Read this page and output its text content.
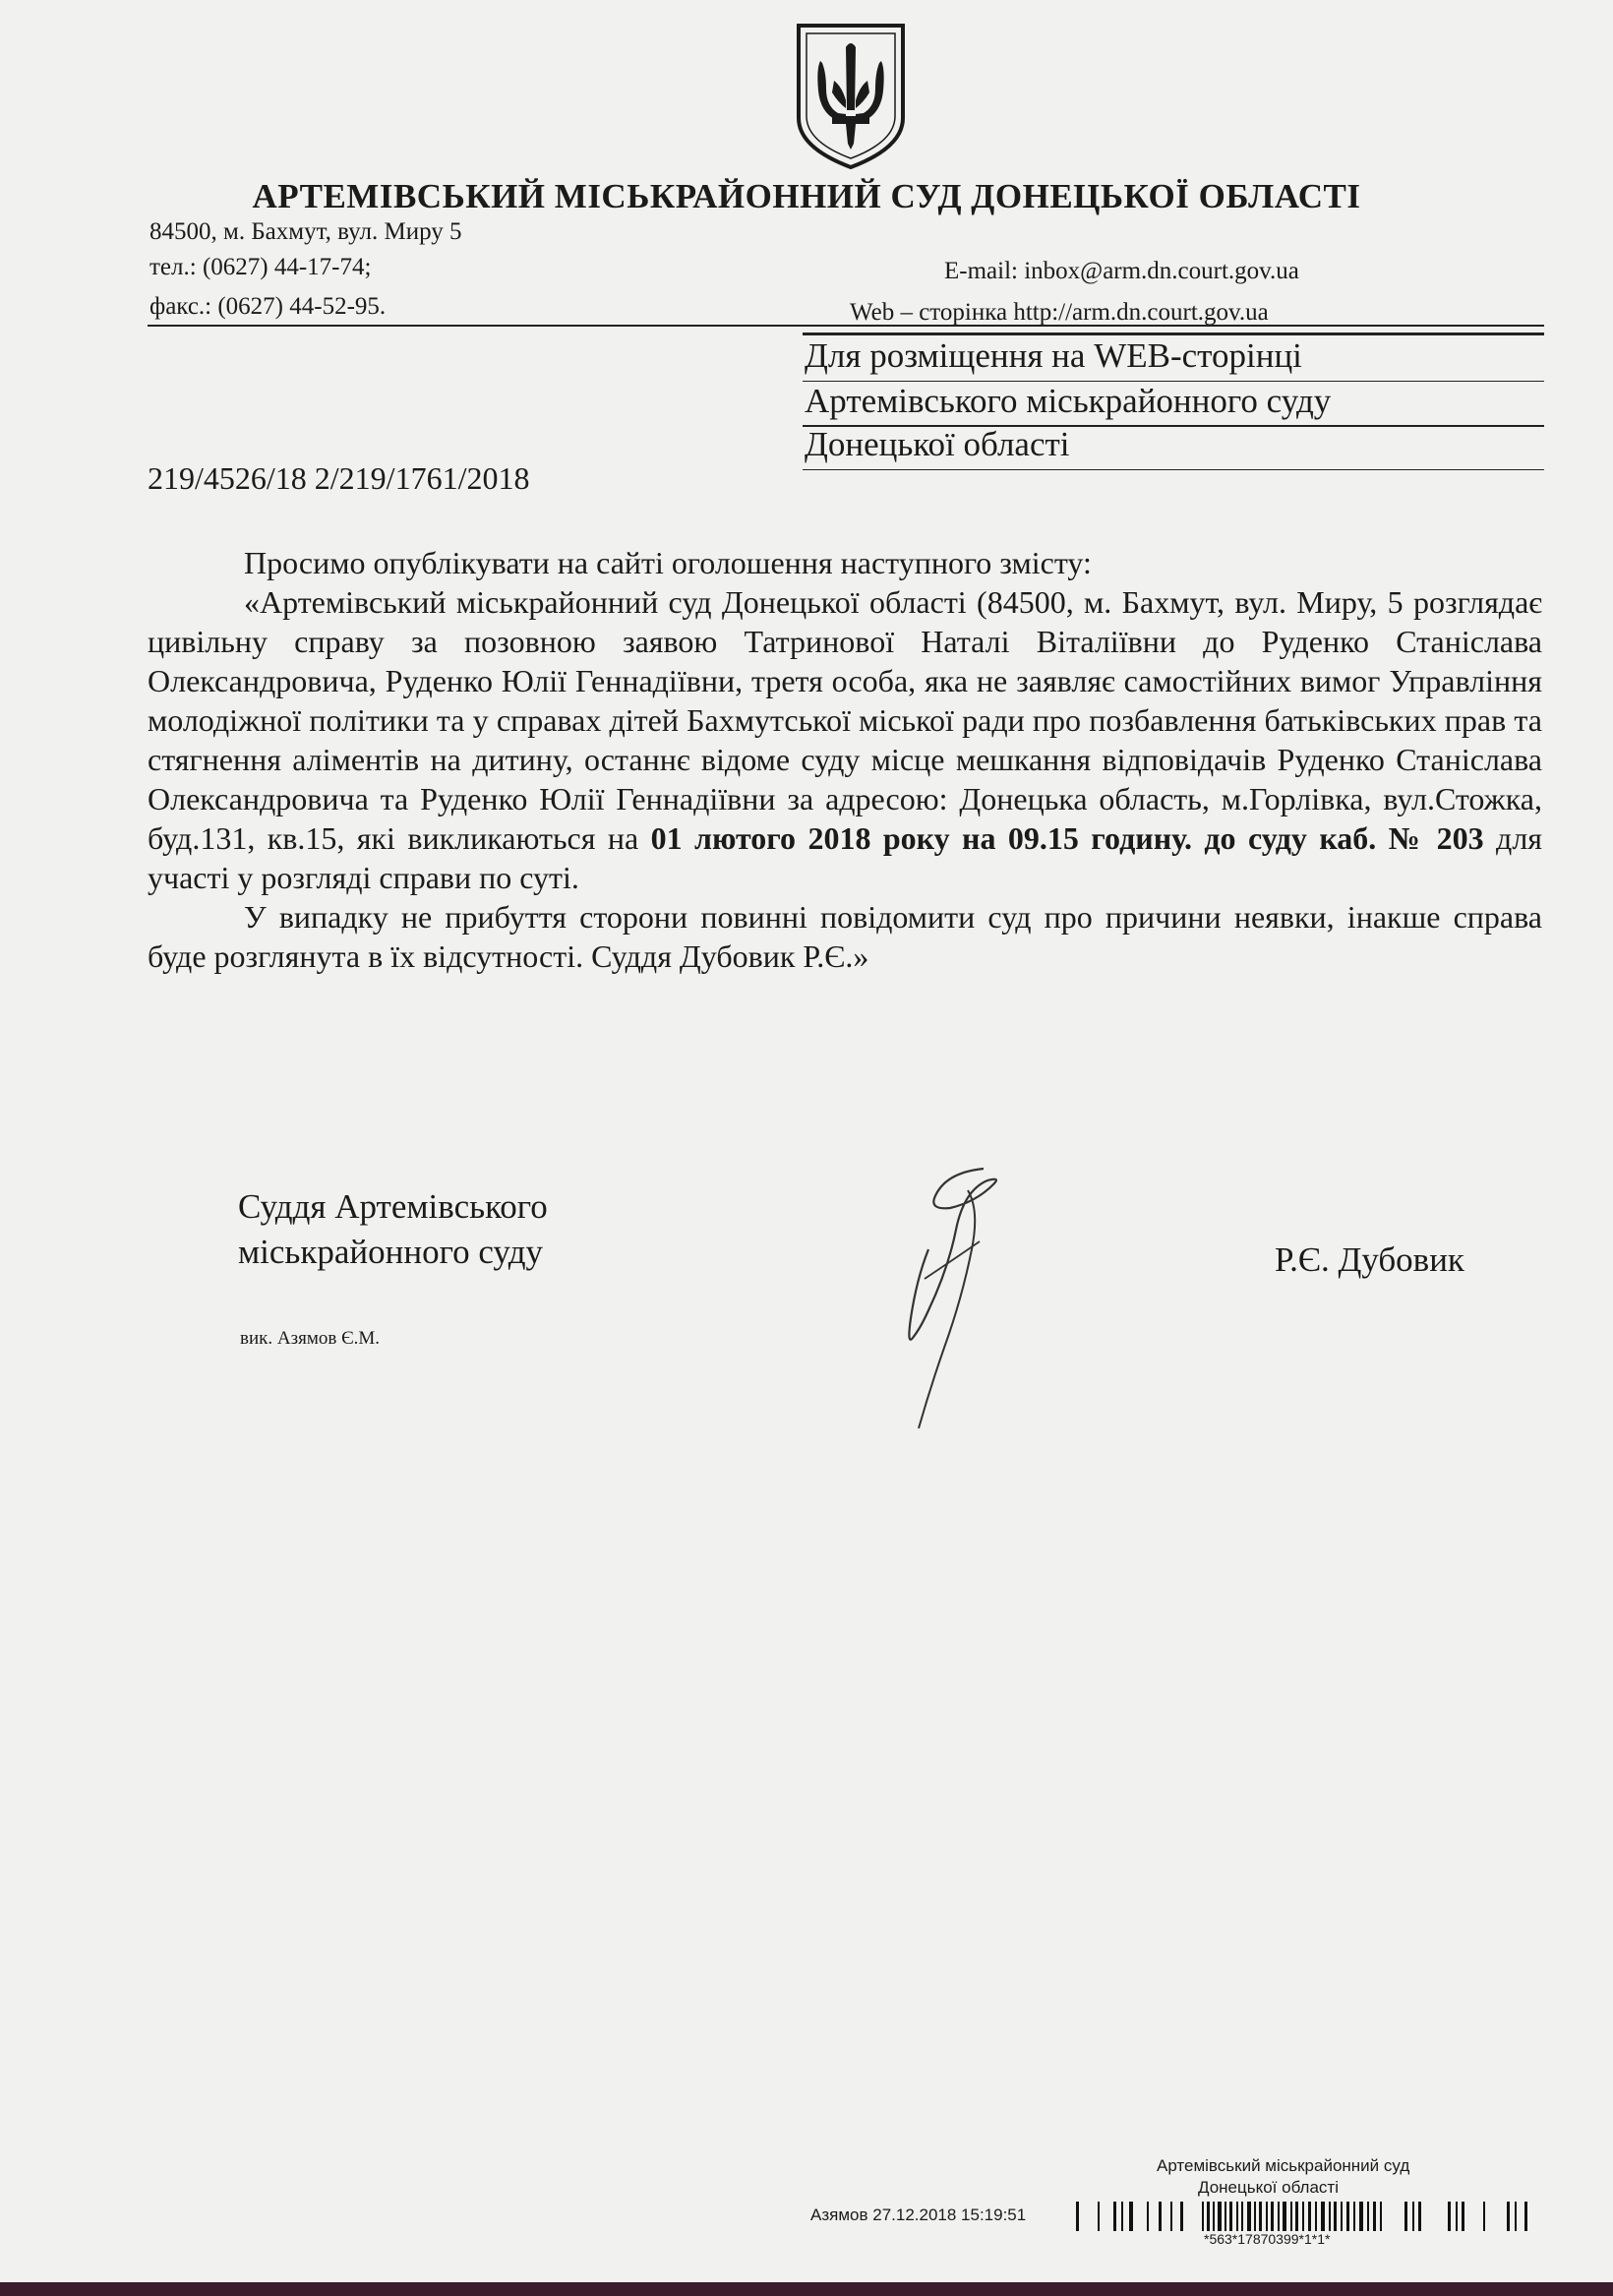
АРТЕМІВСЬКИЙ МІСЬКРАЙОННИЙ СУД ДОНЕЦЬКОЇ ОБЛАСТІ
84500, м. Бахмут, вул. Миру 5
тел.: (0627) 44-17-74;
факс.: (0627) 44-52-95.
E-mail: inbox@arm.dn.court.gov.ua
Web – сторінка http://arm.dn.court.gov.ua
Для розміщення на WEB-сторінці
Артемівського міськрайонного суду
Донецької області
219/4526/18 2/219/1761/2018

Просимо опублікувати на сайті оголошення наступного змісту:

«Артемівський міськрайонний суд Донецької області (84500, м. Бахмут, вул. Миру, 5 розглядає цивільну справу за позовною заявою Татринової Наталі Віталіївни до Руденко Станіслава Олександровича, Руденко Юлії Геннадіївни, третя особа, яка не заявляє самостійних вимог Управління молодіжної політики та у справах дітей Бахмутської міської ради про позбавлення батьківських прав та стягнення аліментів на дитину, останнє відоме суду місце мешкання відповідачів Руденко Станіслава Олександровича та Руденко Юлії Геннадіївни за адресою: Донецька область, м.Горлівка, вул.Стожка, буд.131, кв.15, які викликаються на 01 лютого 2018 року на 09.15 годину. до суду каб. № 203 для участі у розгляді справи по суті.

У випадку не прибуття сторони повинні повідомити суд про причини неявки, інакше справа буде розглянута в їх відсутності. Суддя Дубовик Р.Є.»

Суддя Артемівського
міськрайонного суду	Р.Є. Дубовик
вик. Азямов Є.М.
Артемівський міськрайонний суд
Донецької області
Азямов 27.12.2018 15:19:51
*563*17870399*1*1*
